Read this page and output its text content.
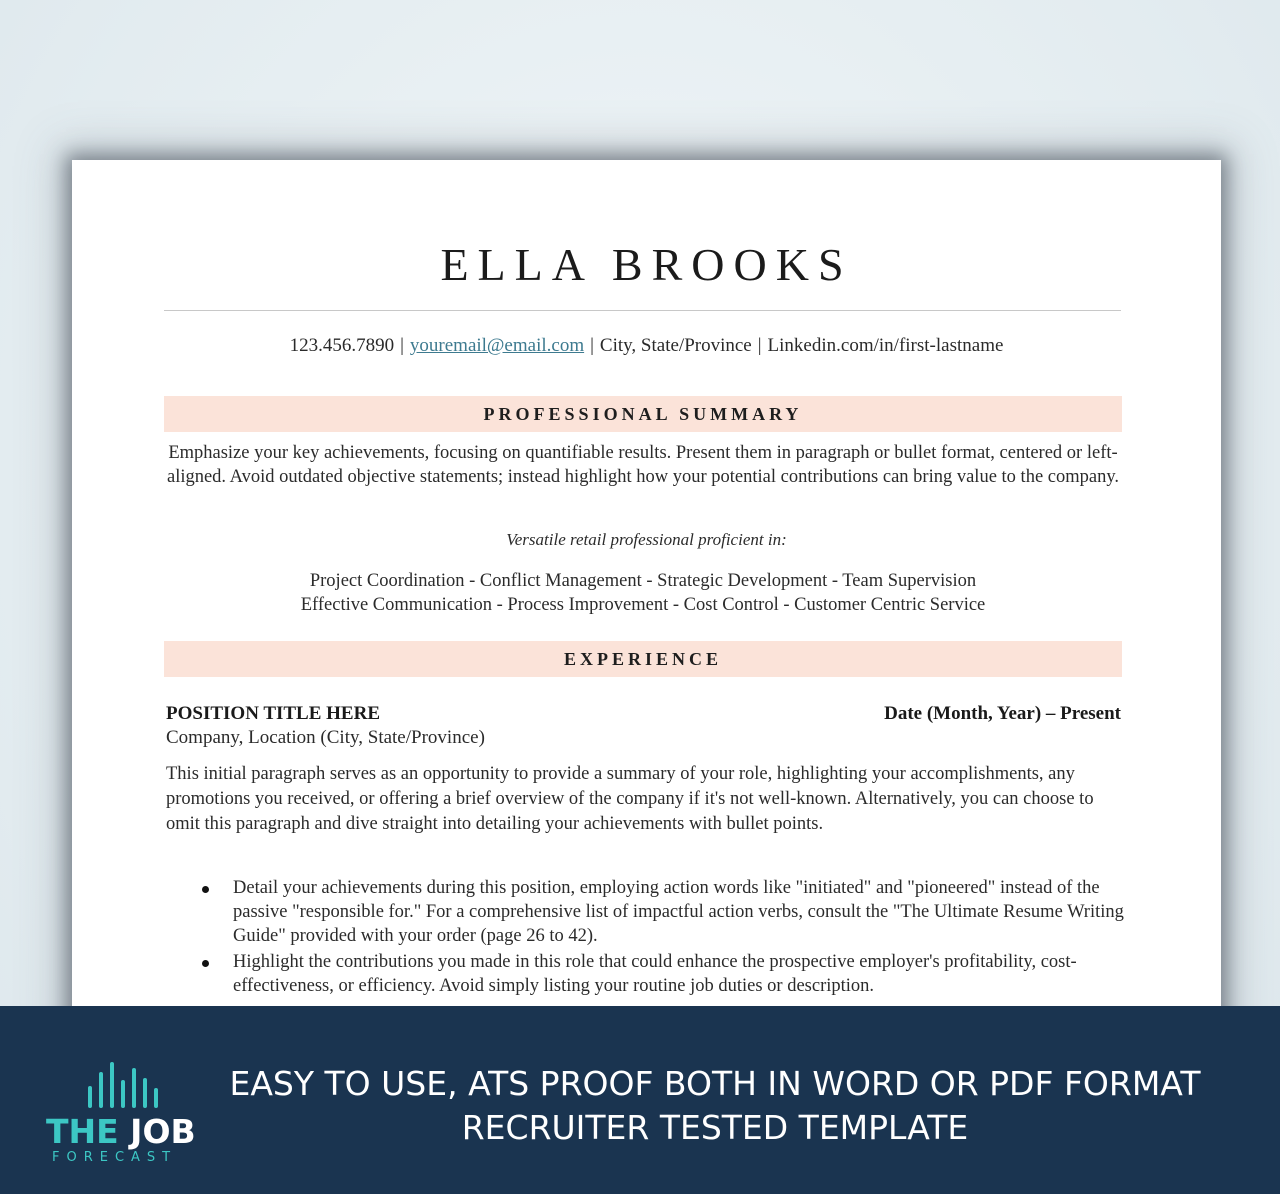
ELLA BROOKS
123.456.7890 | youremail@email.com | City, State/Province | Linkedin.com/in/first-lastname
PROFESSIONAL SUMMARY
Emphasize your key achievements, focusing on quantifiable results. Present them in paragraph or bullet format, centered or left-aligned. Avoid outdated objective statements; instead highlight how your potential contributions can bring value to the company.
Versatile retail professional proficient in:
Project Coordination - Conflict Management - Strategic Development - Team Supervision
Effective Communication - Process Improvement - Cost Control - Customer Centric Service
EXPERIENCE
POSITION TITLE HERE	Date (Month, Year) – Present
Company, Location (City, State/Province)
This initial paragraph serves as an opportunity to provide a summary of your role, highlighting your accomplishments, any promotions you received, or offering a brief overview of the company if it's not well-known. Alternatively, you can choose to omit this paragraph and dive straight into detailing your achievements with bullet points.
Detail your achievements during this position, employing action words like "initiated" and "pioneered" instead of the passive "responsible for." For a comprehensive list of impactful action verbs, consult the "The Ultimate Resume Writing Guide" provided with your order (page 26 to 42).
Highlight the contributions you made in this role that could enhance the prospective employer's profitability, cost-effectiveness, or efficiency. Avoid simply listing your routine job duties or description.
THE JOB
FORECAST
EASY TO USE, ATS PROOF BOTH IN WORD OR PDF FORMAT
RECRUITER TESTED TEMPLATE
